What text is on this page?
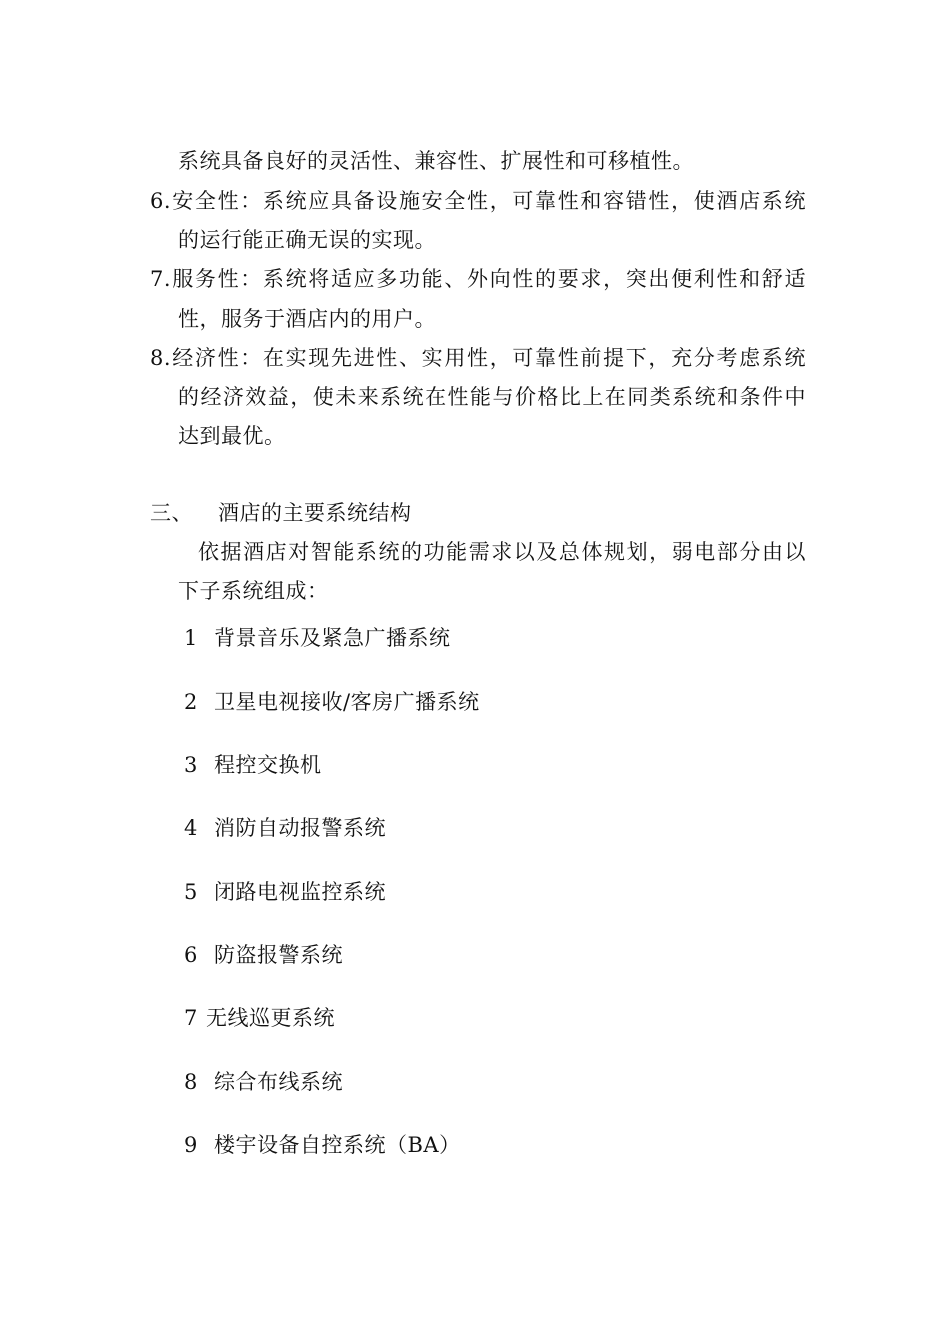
系统具备良好的灵活性、兼容性、扩展性和可移植性。
6.安全性：系统应具备设施安全性，可靠性和容错性，使酒店系统
的运行能正确无误的实现。
7.服务性：系统将适应多功能、外向性的要求，突出便利性和舒适
性，服务于酒店内的用户。
8.经济性：在实现先进性、实用性，可靠性前提下，充分考虑系统
的经济效益，使未来系统在性能与价格比上在同类系统和条件中
达到最优。
三、 酒店的主要系统结构
依据酒店对智能系统的功能需求以及总体规划，弱电部分由以
下子系统组成：
1 背景音乐及紧急广播系统
2 卫星电视接收/客房广播系统
3 程控交换机
4 消防自动报警系统
5 闭路电视监控系统
6 防盗报警系统
7 无线巡更系统
8 综合布线系统
9 楼宇设备自控系统（BA）
